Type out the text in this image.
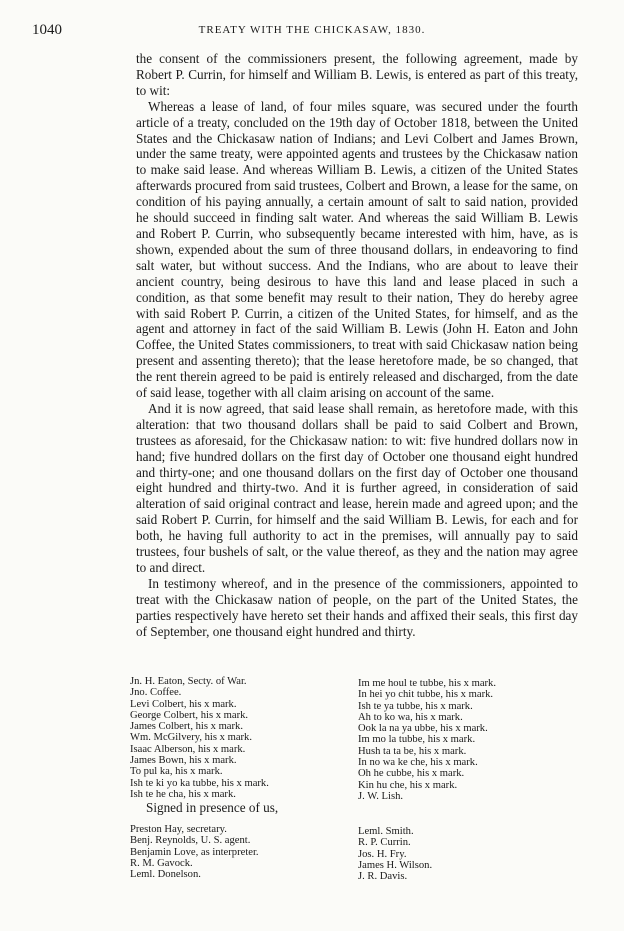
1040	TREATY WITH THE CHICKASAW, 1830.

the consent of the commissioners present, the following agreement, made by Robert P. Currin, for himself and William B. Lewis, is entered as part of this treaty, to wit:

Whereas a lease of land, of four miles square, was secured under the fourth article of a treaty, concluded on the 19th day of October 1818, between the United States and the Chickasaw nation of Indians; and Levi Colbert and James Brown, under the same treaty, were appointed agents and trustees by the Chickasaw nation to make said lease. And whereas William B. Lewis, a citizen of the United States afterwards procured from said trustees, Colbert and Brown, a lease for the same, on condition of his paying annually, a certain amount of salt to said nation, provided he should succeed in finding salt water. And whereas the said William B. Lewis and Robert P. Currin, who subsequently became interested with him, have, as is shown, expended about the sum of three thousand dollars, in endeavoring to find salt water, but without success. And the Indians, who are about to leave their ancient country, being desirous to have this land and lease placed in such a condition, as that some benefit may result to their nation, They do hereby agree with said Robert P. Currin, a citizen of the United States, for himself, and as the agent and attorney in fact of the said William B. Lewis (John H. Eaton and John Coffee, the United States commissioners, to treat with said Chickasaw nation being present and assenting thereto); that the lease heretofore made, be so changed, that the rent therein agreed to be paid is entirely released and discharged, from the date of said lease, together with all claim arising on account of the same.

And it is now agreed, that said lease shall remain, as heretofore made, with this alteration: that two thousand dollars shall be paid to said Colbert and Brown, trustees as aforesaid, for the Chickasaw nation: to wit: five hundred dollars now in hand; five hundred dollars on the first day of October one thousand eight hundred and thirty-one; and one thousand dollars on the first day of October one thousand eight hundred and thirty-two. And it is further agreed, in consideration of said alteration of said original contract and lease, herein made and agreed upon; and the said Robert P. Currin, for himself and the said William B. Lewis, for each and for both, he having full authority to act in the premises, will annually pay to said trustees, four bushels of salt, or the value thereof, as they and the nation may agree to and direct.

In testimony whereof, and in the presence of the commissioners, appointed to treat with the Chickasaw nation of people, on the part of the United States, the parties respectively have hereto set their hands and affixed their seals, this first day of September, one thousand eight hundred and thirty.

Jn. H. Eaton, Secty. of War.
Jno. Coffee.
Levi Colbert, his x mark.
George Colbert, his x mark.
James Colbert, his x mark.
Wm. McGilvery, his x mark.
Isaac Alberson, his x mark.
James Bown, his x mark.
To pul ka, his x mark.
Ish te ki yo ka tubbe, his x mark.
Ish te he cha, his x mark.
Im me houl te tubbe, his x mark.
In hei yo chit tubbe, his x mark.
Ish te ya tubbe, his x mark.
Ah to ko wa, his x mark.
Ook la na ya ubbe, his x mark.
Im mo la tubbe, his x mark.
Hush ta ta be, his x mark.
In no wa ke che, his x mark.
Oh he cubbe, his x mark.
Kin hu che, his x mark.
J. W. Lish.
Signed in presence of us,
Preston Hay, secretary.
Benj. Reynolds, U. S. agent.
Benjamin Love, as interpreter.
R. M. Gavock.
Leml. Donelson.
Leml. Smith.
R. P. Currin.
Jos. H. Fry.
James H. Wilson.
J. R. Davis.
